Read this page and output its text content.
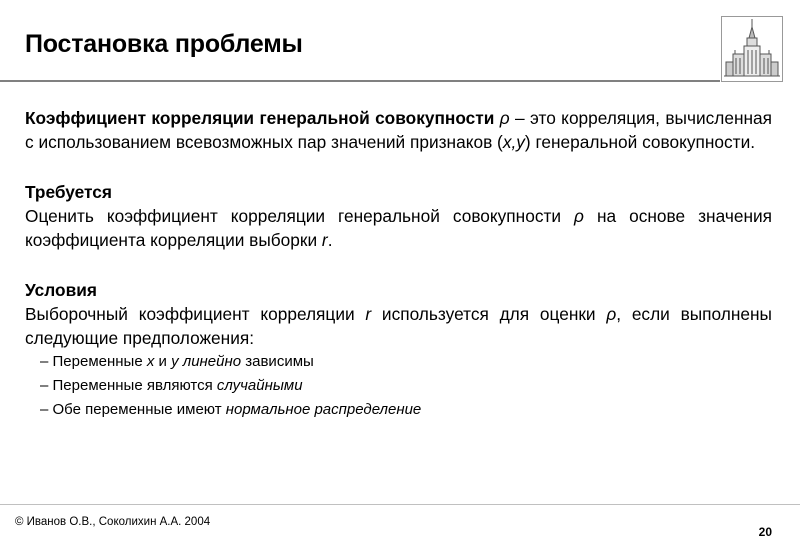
Постановка проблемы

Коэффициент корреляции генеральной совокупности ρ – это корреляция, вычисленная с использованием всевозможных пар значений признаков (x,y) генеральной совокупности.

Требуется

Оценить коэффициент корреляции генеральной совокупности ρ на основе значения коэффициента корреляции выборки r.

Условия

Выборочный коэффициент корреляции r используется для оценки ρ, если выполнены следующие предположения:

– Переменные x и y линейно зависимы

– Переменные являются случайными

– Обе переменные имеют нормальное распределение

© Иванов О.В., Соколихин А.А. 2004
20
